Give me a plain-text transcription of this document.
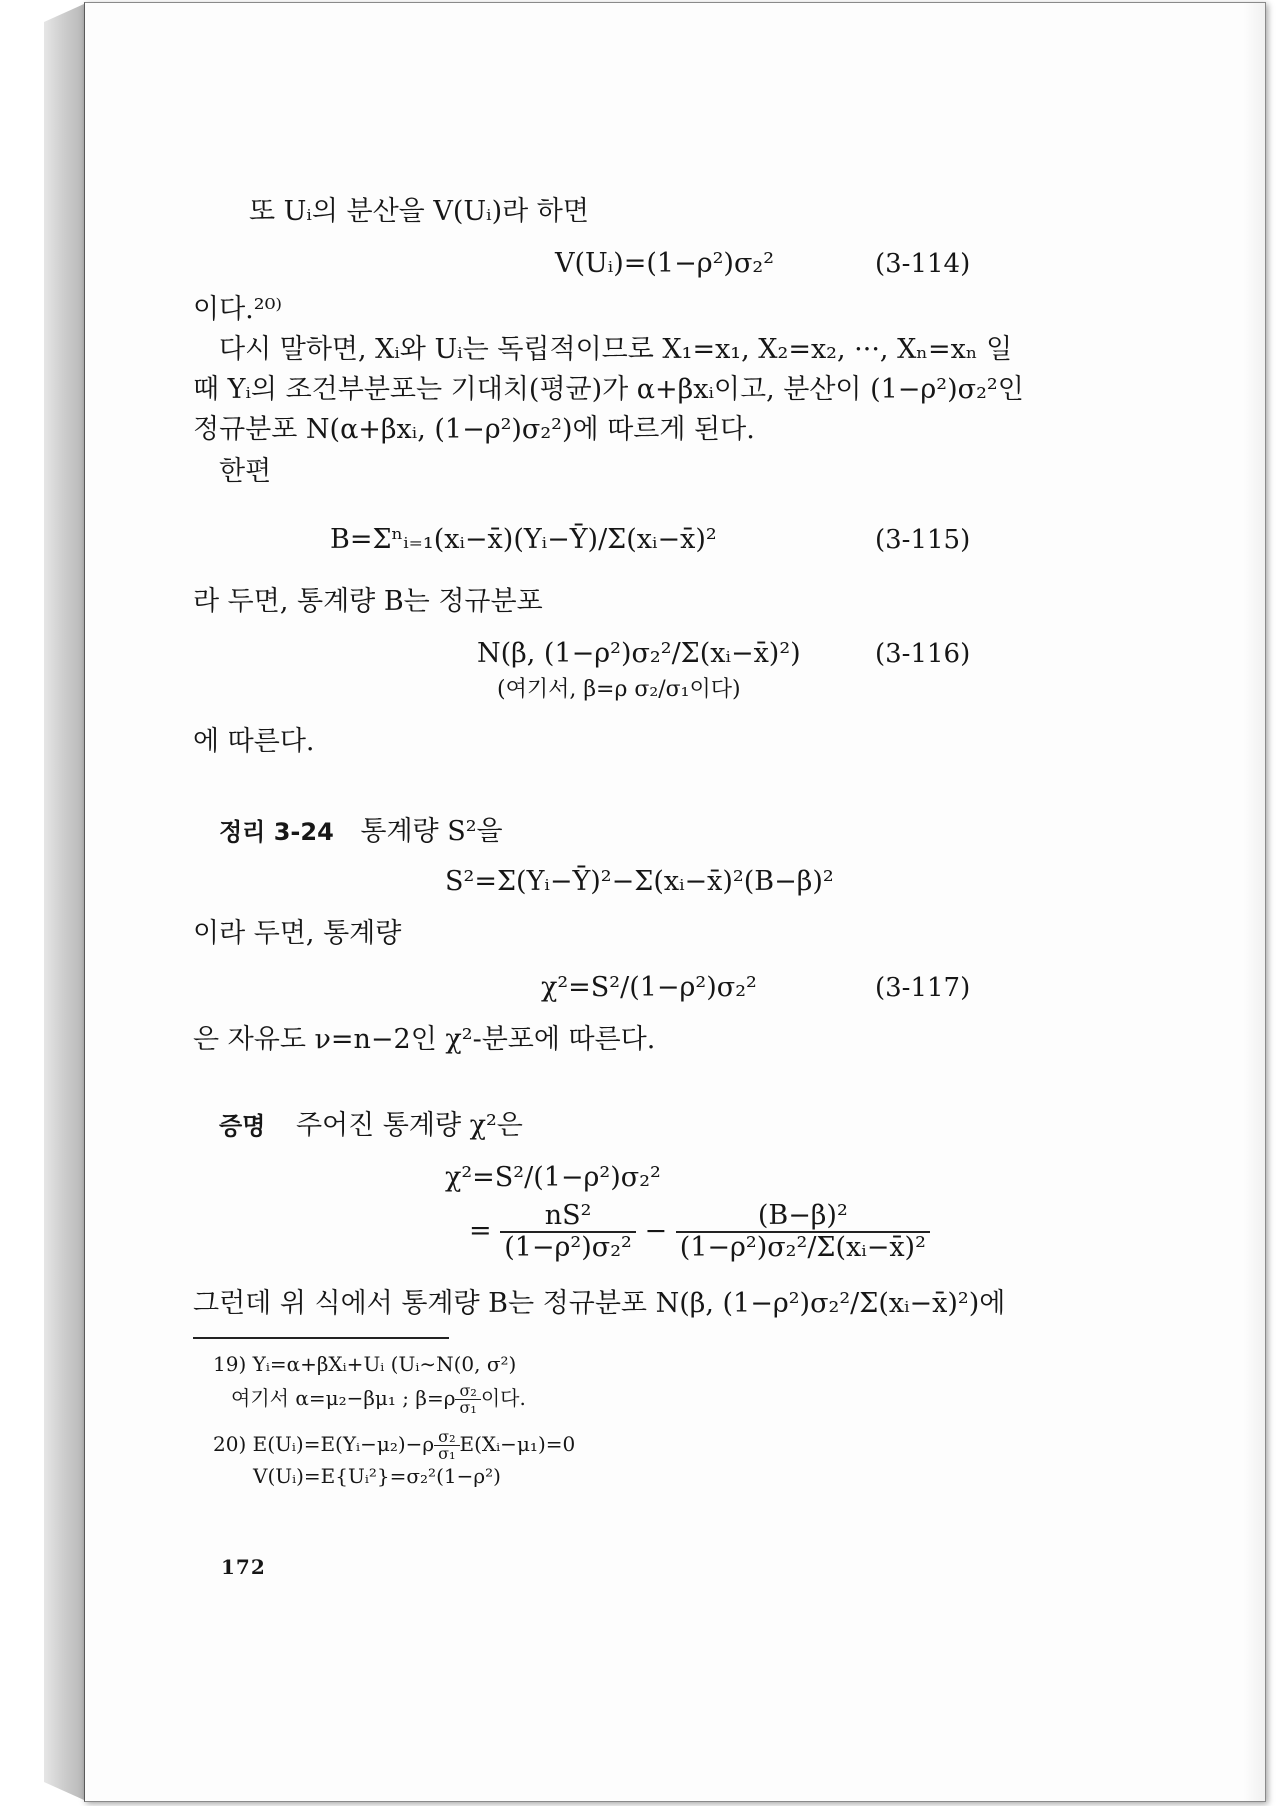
또 Uᵢ의 분산을 V(Uᵢ)라 하면
V(Uᵢ)=(1−ρ²)σ₂²	(3-114)
이다.²⁰⁾
다시 말하면, Xᵢ와 Uᵢ는 독립적이므로 X₁=x₁, X₂=x₂, ···, Xₙ=xₙ 일
때 Yᵢ의 조건부분포는 기대치(평균)가 α+βxᵢ이고, 분산이 (1−ρ²)σ₂²인
정규분포 N(α+βxᵢ, (1−ρ²)σ₂²)에 따르게 된다.
한편
B=Σⁿᵢ₌₁(xᵢ−x̄)(Yᵢ−Ȳ)/Σ(xᵢ−x̄)²	(3-115)
라 두면, 통계량 B는 정규분포
N(β, (1−ρ²)σ₂²/Σ(xᵢ−x̄)²)	(3-116)
(여기서, β=ρ σ₂/σ₁이다)
에 따른다.
정리 3-24 통계량 S²을
S²=Σ(Yᵢ−Ȳ)²−Σ(xᵢ−x̄)²(B−β)²
이라 두면, 통계량
χ²=S²/(1−ρ²)σ₂²	(3-117)
은 자유도 ν=n−2인 χ²-분포에 따른다.
증명 주어진 통계량 χ²은
χ²=S²/(1−ρ²)σ₂²
= $\frac{\text{nS²}}{\text{(1−ρ²)σ₂²}} - \frac{\text{(B−β)²}}{\text{(1−ρ²)σ₂²/Σ(xᵢ−x̄)²}}$
그런데 위 식에서 통계량 B는 정규분포 N(β, (1−ρ²)σ₂²/Σ(xᵢ−x̄)²)에
19) Yᵢ=α+βXᵢ+Uᵢ (Uᵢ∼N(0, σ²)
여기서 α=μ₂−βμ₁ ; $\beta=\rho \frac{\text{σ₂}}{\text{σ₁}}$ 이다.
20) E(Uᵢ)=E(Yᵢ−μ₂)−ρ $\frac{\text{σ₂}}{\text{σ₁}}$ E(Xᵢ−μ₁)=0
V(Uᵢ)=E{Uᵢ²}=σ₂²(1−ρ²)
172
